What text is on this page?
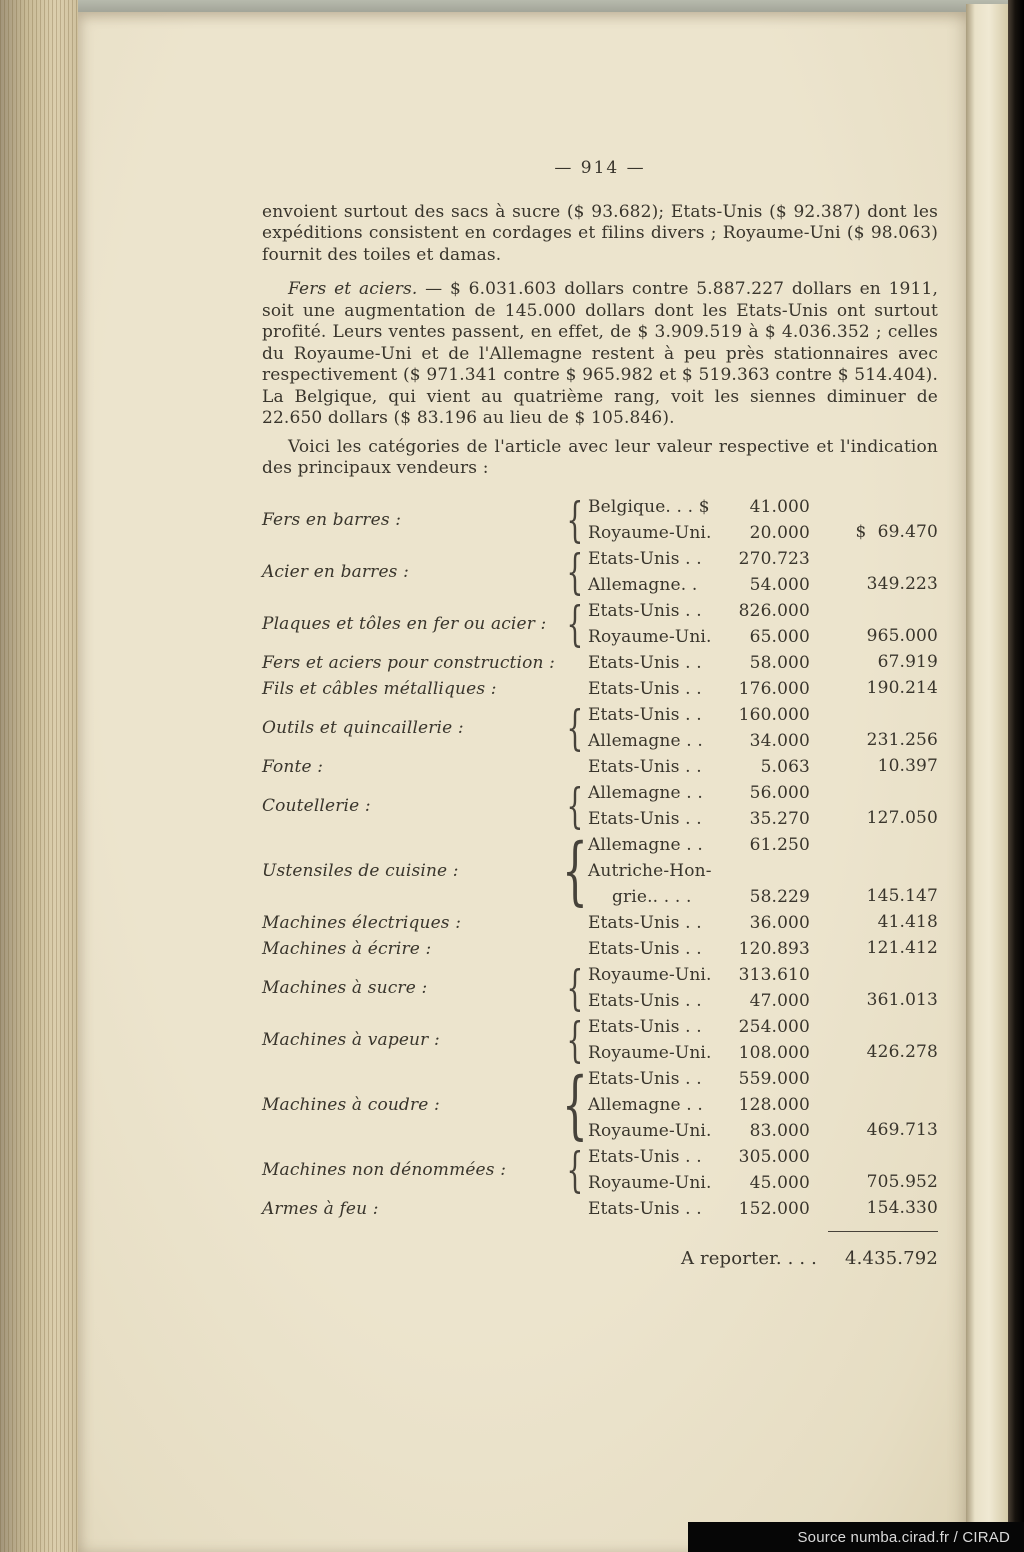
— 914 —

envoient surtout des sacs à sucre ($ 93.682); Etats-Unis ($ 92.387) dont les expéditions consistent en cordages et filins divers ; Royaume-Uni ($ 98.063) fournit des toiles et damas.

Fers et aciers. — $ 6.031.603 dollars contre 5.887.227 dollars en 1911, soit une augmentation de 145.000 dollars dont les Etats-Unis ont surtout profité. Leurs ventes passent, en effet, de $ 3.909.519 à $ 4.036.352 ; celles du Royaume-Uni et de l'Allemagne restent à peu près stationnaires avec respectivement ($ 971.341 contre $ 965.982 et $ 519.363 contre $ 514.404). La Belgique, qui vient au quatrième rang, voit les siennes diminuer de 22.650 dollars ($ 83.196 au lieu de $ 105.846).

Voici les catégories de l'article avec leur valeur respective et l'indication des principaux vendeurs :

Fers en barres :	{ Belgique. . . $ 41.000
Royaume-Uni. 20.000	$  69.470
Acier en barres :	{ Etats-Unis . . 270.723
Allemagne. .	54.000	349.223
Plaques et tôles en fer ou acier : { Etats-Unis . . 826.000
Royaume-Uni. 65.000	965.000
Fers et aciers pour construction :	Etats-Unis . .	58.000	67.919
Fils et câbles métalliques :	Etats-Unis . . 176.000	190.214
Outils et quincaillerie :	{ Etats-Unis . . 160.000
Allemagne . .	34.000	231.256
Fonte :	Etats-Unis . .	5.063	10.397
Coutellerie :	{ Allemagne . .	56.000
Etats-Unis . .	35.270	127.050
Ustensiles de cuisine :	{ Allemagne . .	61.250
Autriche-Hon-
grie.. . . .	58.229	145.147
Machines électriques :	Etats-Unis . .	36.000	41.418
Machines à écrire :	Etats-Unis . . 120.893	121.412
Machines à sucre :	{ Royaume-Uni. 313.610
Etats-Unis . .	47.000	361.013
Machines à vapeur :	{ Etats-Unis . . 254.000
Royaume-Uni. 108.000	426.278
Machines à coudre :	{ Etats-Unis . . 559.000
Allemagne . . 128.000
Royaume-Uni. 83.000	469.713
Machines non dénommées :	{ Etats-Unis . . 305.000
Royaume-Uni. 45.000	705.952
Armes à feu :	Etats-Unis . . 152.000	154.330
A reporter. . . . 4.435.792
Source numba.cirad.fr / CIRAD
